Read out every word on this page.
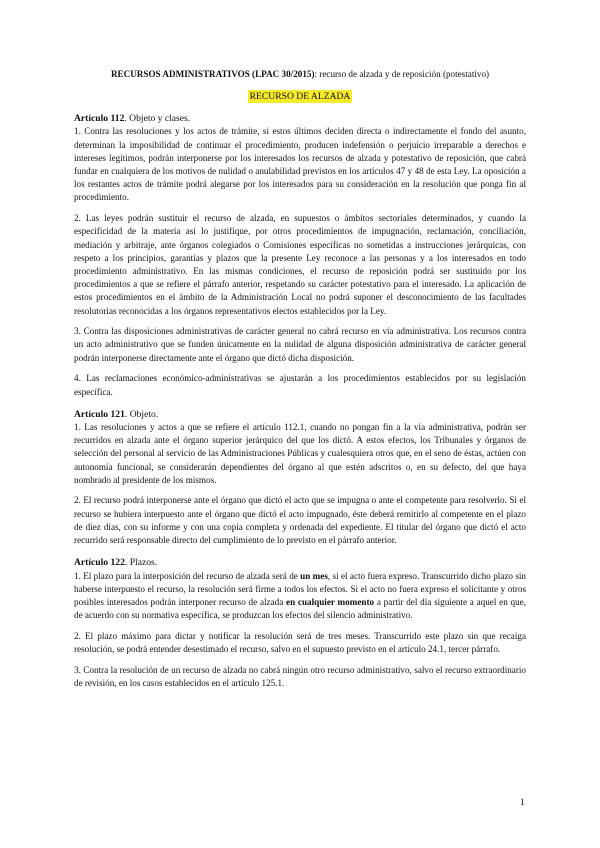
RECURSOS ADMINISTRATIVOS (LPAC 30/2015): recurso de alzada y de reposición (potestativo)

RECURSO DE ALZADA

Artículo 112. Objeto y clases.

1. Contra las resoluciones y los actos de trámite, si estos últimos deciden directa o indirectamente el fondo del asunto, determinan la imposibilidad de continuar el procedimiento, producen indefensión o perjuicio irreparable a derechos e intereses legítimos, podrán interponerse por los interesados los recursos de alzada y potestativo de reposición, que cabrá fundar en cualquiera de los motivos de nulidad o anulabilidad previstos en los artículos 47 y 48 de esta Ley. La oposición a los restantes actos de trámite podrá alegarse por los interesados para su consideración en la resolución que ponga fin al procedimiento.

2. Las leyes podrán sustituir el recurso de alzada, en supuestos o ámbitos sectoriales determinados, y cuando la especificidad de la materia así lo justifique, por otros procedimientos de impugnación, reclamación, conciliación, mediación y arbitraje, ante órganos colegiados o Comisiones específicas no sometidas a instrucciones jerárquicas, con respeto a los principios, garantías y plazos que la presente Ley reconoce a las personas y a los interesados en todo procedimiento administrativo. En las mismas condiciones, el recurso de reposición podrá ser sustituido por los procedimientos a que se refiere el párrafo anterior, respetando su carácter potestativo para el interesado. La aplicación de estos procedimientos en el ámbito de la Administración Local no podrá suponer el desconocimiento de las facultades resolutorias reconocidas a los órganos representativos electos establecidos por la Ley.

3. Contra las disposiciones administrativas de carácter general no cabrá recurso en vía administrativa. Los recursos contra un acto administrativo que se funden únicamente en la nulidad de alguna disposición administrativa de carácter general podrán interponerse directamente ante el órgano que dictó dicha disposición.

4. Las reclamaciones económico-administrativas se ajustarán a los procedimientos establecidos por su legislación específica.

Artículo 121. Objeto.

1. Las resoluciones y actos a que se refiere el artículo 112.1, cuando no pongan fin a la vía administrativa, podrán ser recurridos en alzada ante el órgano superior jerárquico del que los dictó. A estos efectos, los Tribunales y órganos de selección del personal al servicio de las Administraciones Públicas y cualesquiera otros que, en el seno de éstas, actúen con autonomía funcional, se considerarán dependientes del órgano al que estén adscritos o, en su defecto, del que haya nombrado al presidente de los mismos.

2. El recurso podrá interponerse ante el órgano que dictó el acto que se impugna o ante el competente para resolverlo. Si el recurso se hubiera interpuesto ante el órgano que dictó el acto impugnado, éste deberá remitirlo al competente en el plazo de diez días, con su informe y con una copia completa y ordenada del expediente. El titular del órgano que dictó el acto recurrido será responsable directo del cumplimiento de lo previsto en el párrafo anterior.

Artículo 122. Plazos.

1. El plazo para la interposición del recurso de alzada será de un mes, si el acto fuera expreso. Transcurrido dicho plazo sin haberse interpuesto el recurso, la resolución será firme a todos los efectos. Si el acto no fuera expreso el solicitante y otros posibles interesados podrán interponer recurso de alzada en cualquier momento a partir del día siguiente a aquel en que, de acuerdo con su normativa específica, se produzcan los efectos del silencio administrativo.

2. El plazo máximo para dictar y notificar la resolución será de tres meses. Transcurrido este plazo sin que recaiga resolución, se podrá entender desestimado el recurso, salvo en el supuesto previsto en el artículo 24.1, tercer párrafo.

3. Contra la resolución de un recurso de alzada no cabrá ningún otro recurso administrativo, salvo el recurso extraordinario de revisión, en los casos establecidos en el artículo 125.1.

1
